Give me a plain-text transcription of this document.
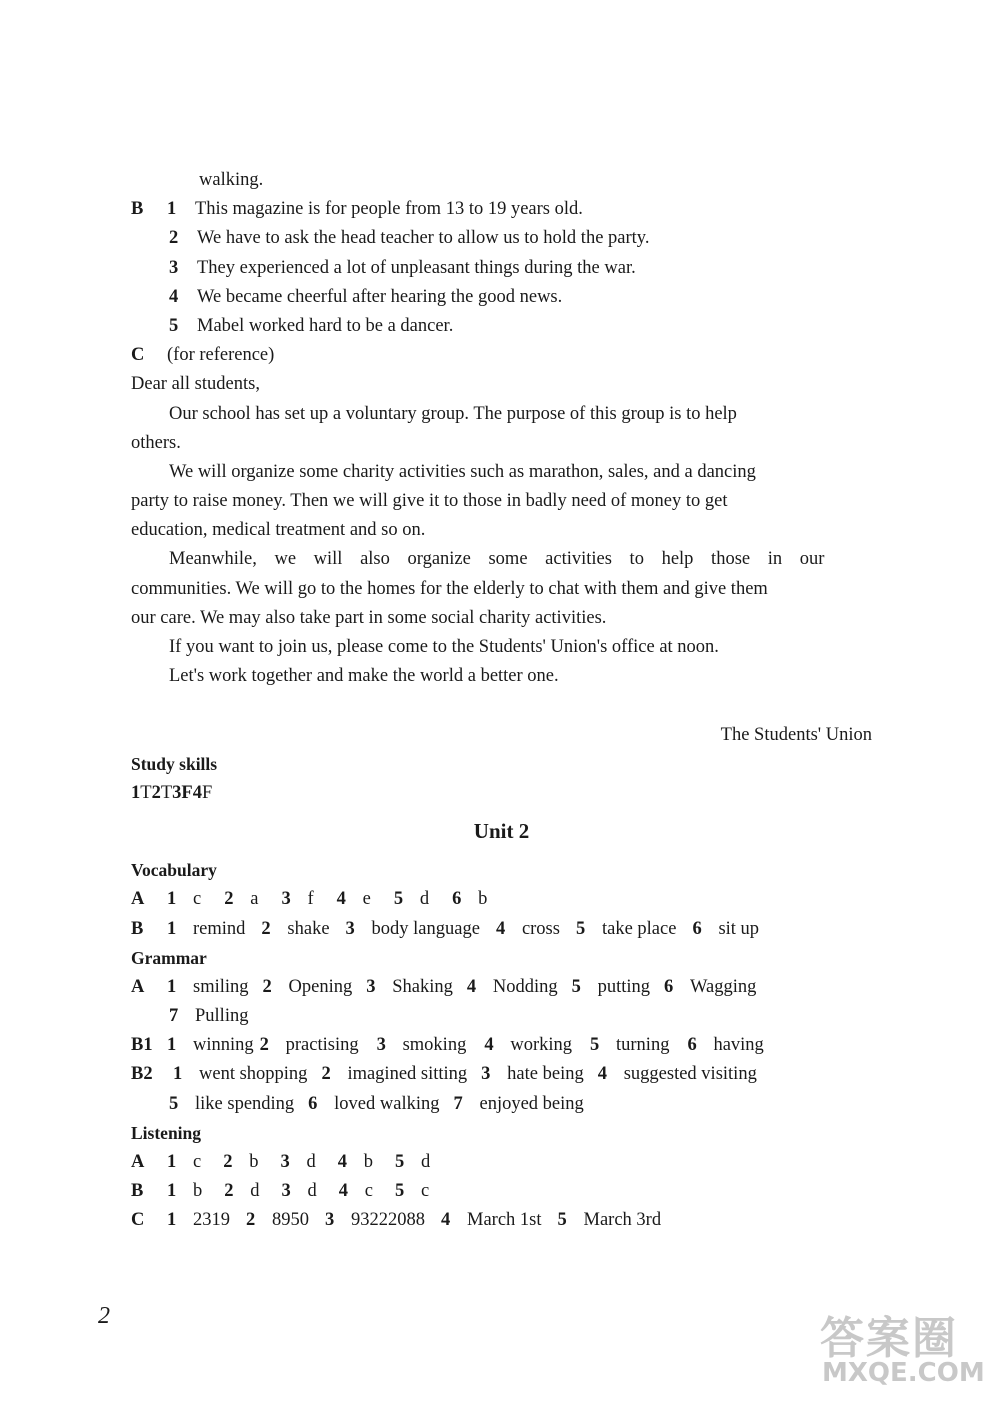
walking.
B 1 This magazine is for people from 13 to 19 years old.
2 We have to ask the head teacher to allow us to hold the party.
3 They experienced a lot of unpleasant things during the war.
4 We became cheerful after hearing the good news.
5 Mabel worked hard to be a dancer.
C (for reference)
Dear all students,
Our school has set up a voluntary group. The purpose of this group is to help
others.
We will organize some charity activities such as marathon, sales, and a dancing
party to raise money. Then we will give it to those in badly need of money to get
education, medical treatment and so on.
Meanwhile, we will also organize some activities to help those in our
communities. We will go to the homes for the elderly to chat with them and give them
our care. We may also take part in some social charity activities.
If you want to join us, please come to the Students' Union's office at noon.
Let's work together and make the world a better one.
The Students' Union
Study skills
1T2T3F4F
Unit 2
Vocabulary
A	1 c 2 a 3 f 4 e 5 d 6 b
B	1 remind 2 shake 3 body language 4 cross 5 take place 6 sit up
Grammar
A	1 smiling 2 Opening 3 Shaking 4 Nodding 5 putting 6 Wagging
7 Pulling
B1 1 winning 2 practising 3 smoking 4 working 5 turning 6 having
B2	1 went shopping 2 imagined sitting 3 hate being 4 suggested visiting
5 like spending 6 loved walking 7 enjoyed being
Listening
A	1 c 2 b 3 d 4 b 5 d
B	1 b 2 d 3 d 4 c 5 c
C	1 2319 2 8950 3 93222088 4 March 1st 5 March 3rd
2	答案圈
MXQE.COM
